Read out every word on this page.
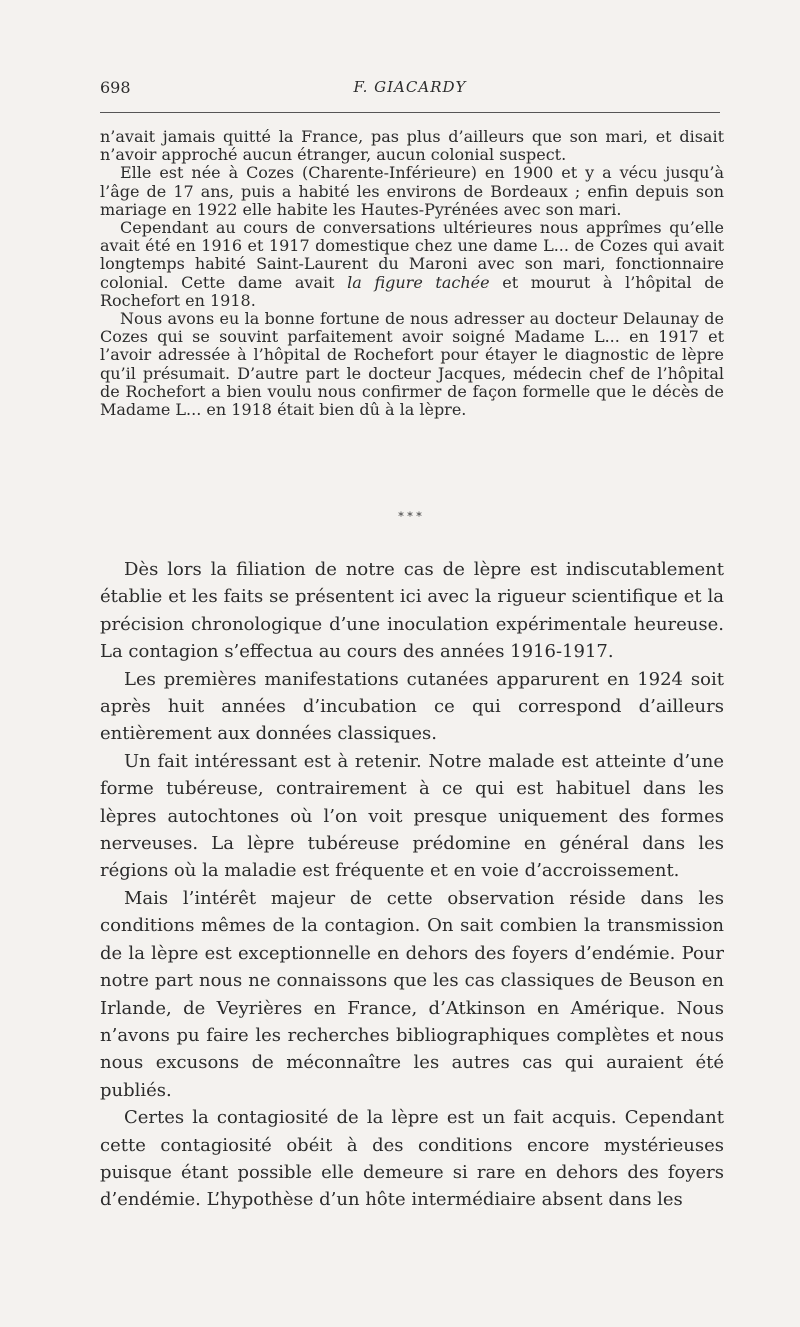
698	F. GIACARDY

n’avait jamais quitté la France, pas plus d’ailleurs que son mari, et disait n’avoir approché aucun étranger, aucun colonial suspect.

Elle est née à Cozes (Charente-Inférieure) en 1900 et y a vécu jusqu’à l’âge de 17 ans, puis a habité les environs de Bordeaux ; enfin depuis son mariage en 1922 elle habite les Hautes-Pyrénées avec son mari.

Cependant au cours de conversations ultérieures nous apprîmes qu’elle avait été en 1916 et 1917 domestique chez une dame L... de Cozes qui avait longtemps habité Saint-Laurent du Maroni avec son mari, fonctionnaire colonial. Cette dame avait la figure tachée et mourut à l’hôpital de Rochefort en 1918.

Nous avons eu la bonne fortune de nous adresser au docteur Delaunay de Cozes qui se souvint parfaitement avoir soigné Madame L... en 1917 et l’avoir adressée à l’hôpital de Rochefort pour étayer le diagnostic de lèpre qu’il présumait. D’autre part le docteur Jacques, médecin chef de l’hôpital de Rochefort a bien voulu nous confirmer de façon formelle que le décès de Madame L... en 1918 était bien dû à la lèpre.

* * *

Dès lors la filiation de notre cas de lèpre est indiscutablement établie et les faits se présentent ici avec la rigueur scientifique et la précision chronologique d’une inoculation expérimentale heureuse. La contagion s’effectua au cours des années 1916-1917.

Les premières manifestations cutanées apparurent en 1924 soit après huit années d’incubation ce qui correspond d’ailleurs entièrement aux données classiques.

Un fait intéressant est à retenir. Notre malade est atteinte d’une forme tubéreuse, contrairement à ce qui est habituel dans les lèpres autochtones où l’on voit presque uniquement des formes nerveuses. La lèpre tubéreuse prédomine en général dans les régions où la maladie est fréquente et en voie d’accroissement.

Mais l’intérêt majeur de cette observation réside dans les conditions mêmes de la contagion. On sait combien la transmission de la lèpre est exceptionnelle en dehors des foyers d’endémie. Pour notre part nous ne connaissons que les cas classiques de Beuson en Irlande, de Veyrières en France, d’Atkinson en Amérique. Nous n’avons pu faire les recherches bibliographiques complètes et nous nous excusons de méconnaître les autres cas qui auraient été publiés.

Certes la contagiosité de la lèpre est un fait acquis. Cependant cette contagiosité obéit à des conditions encore mystérieuses puisque étant possible elle demeure si rare en dehors des foyers d’endémie. L’hypothèse d’un hôte intermédiaire absent dans les
